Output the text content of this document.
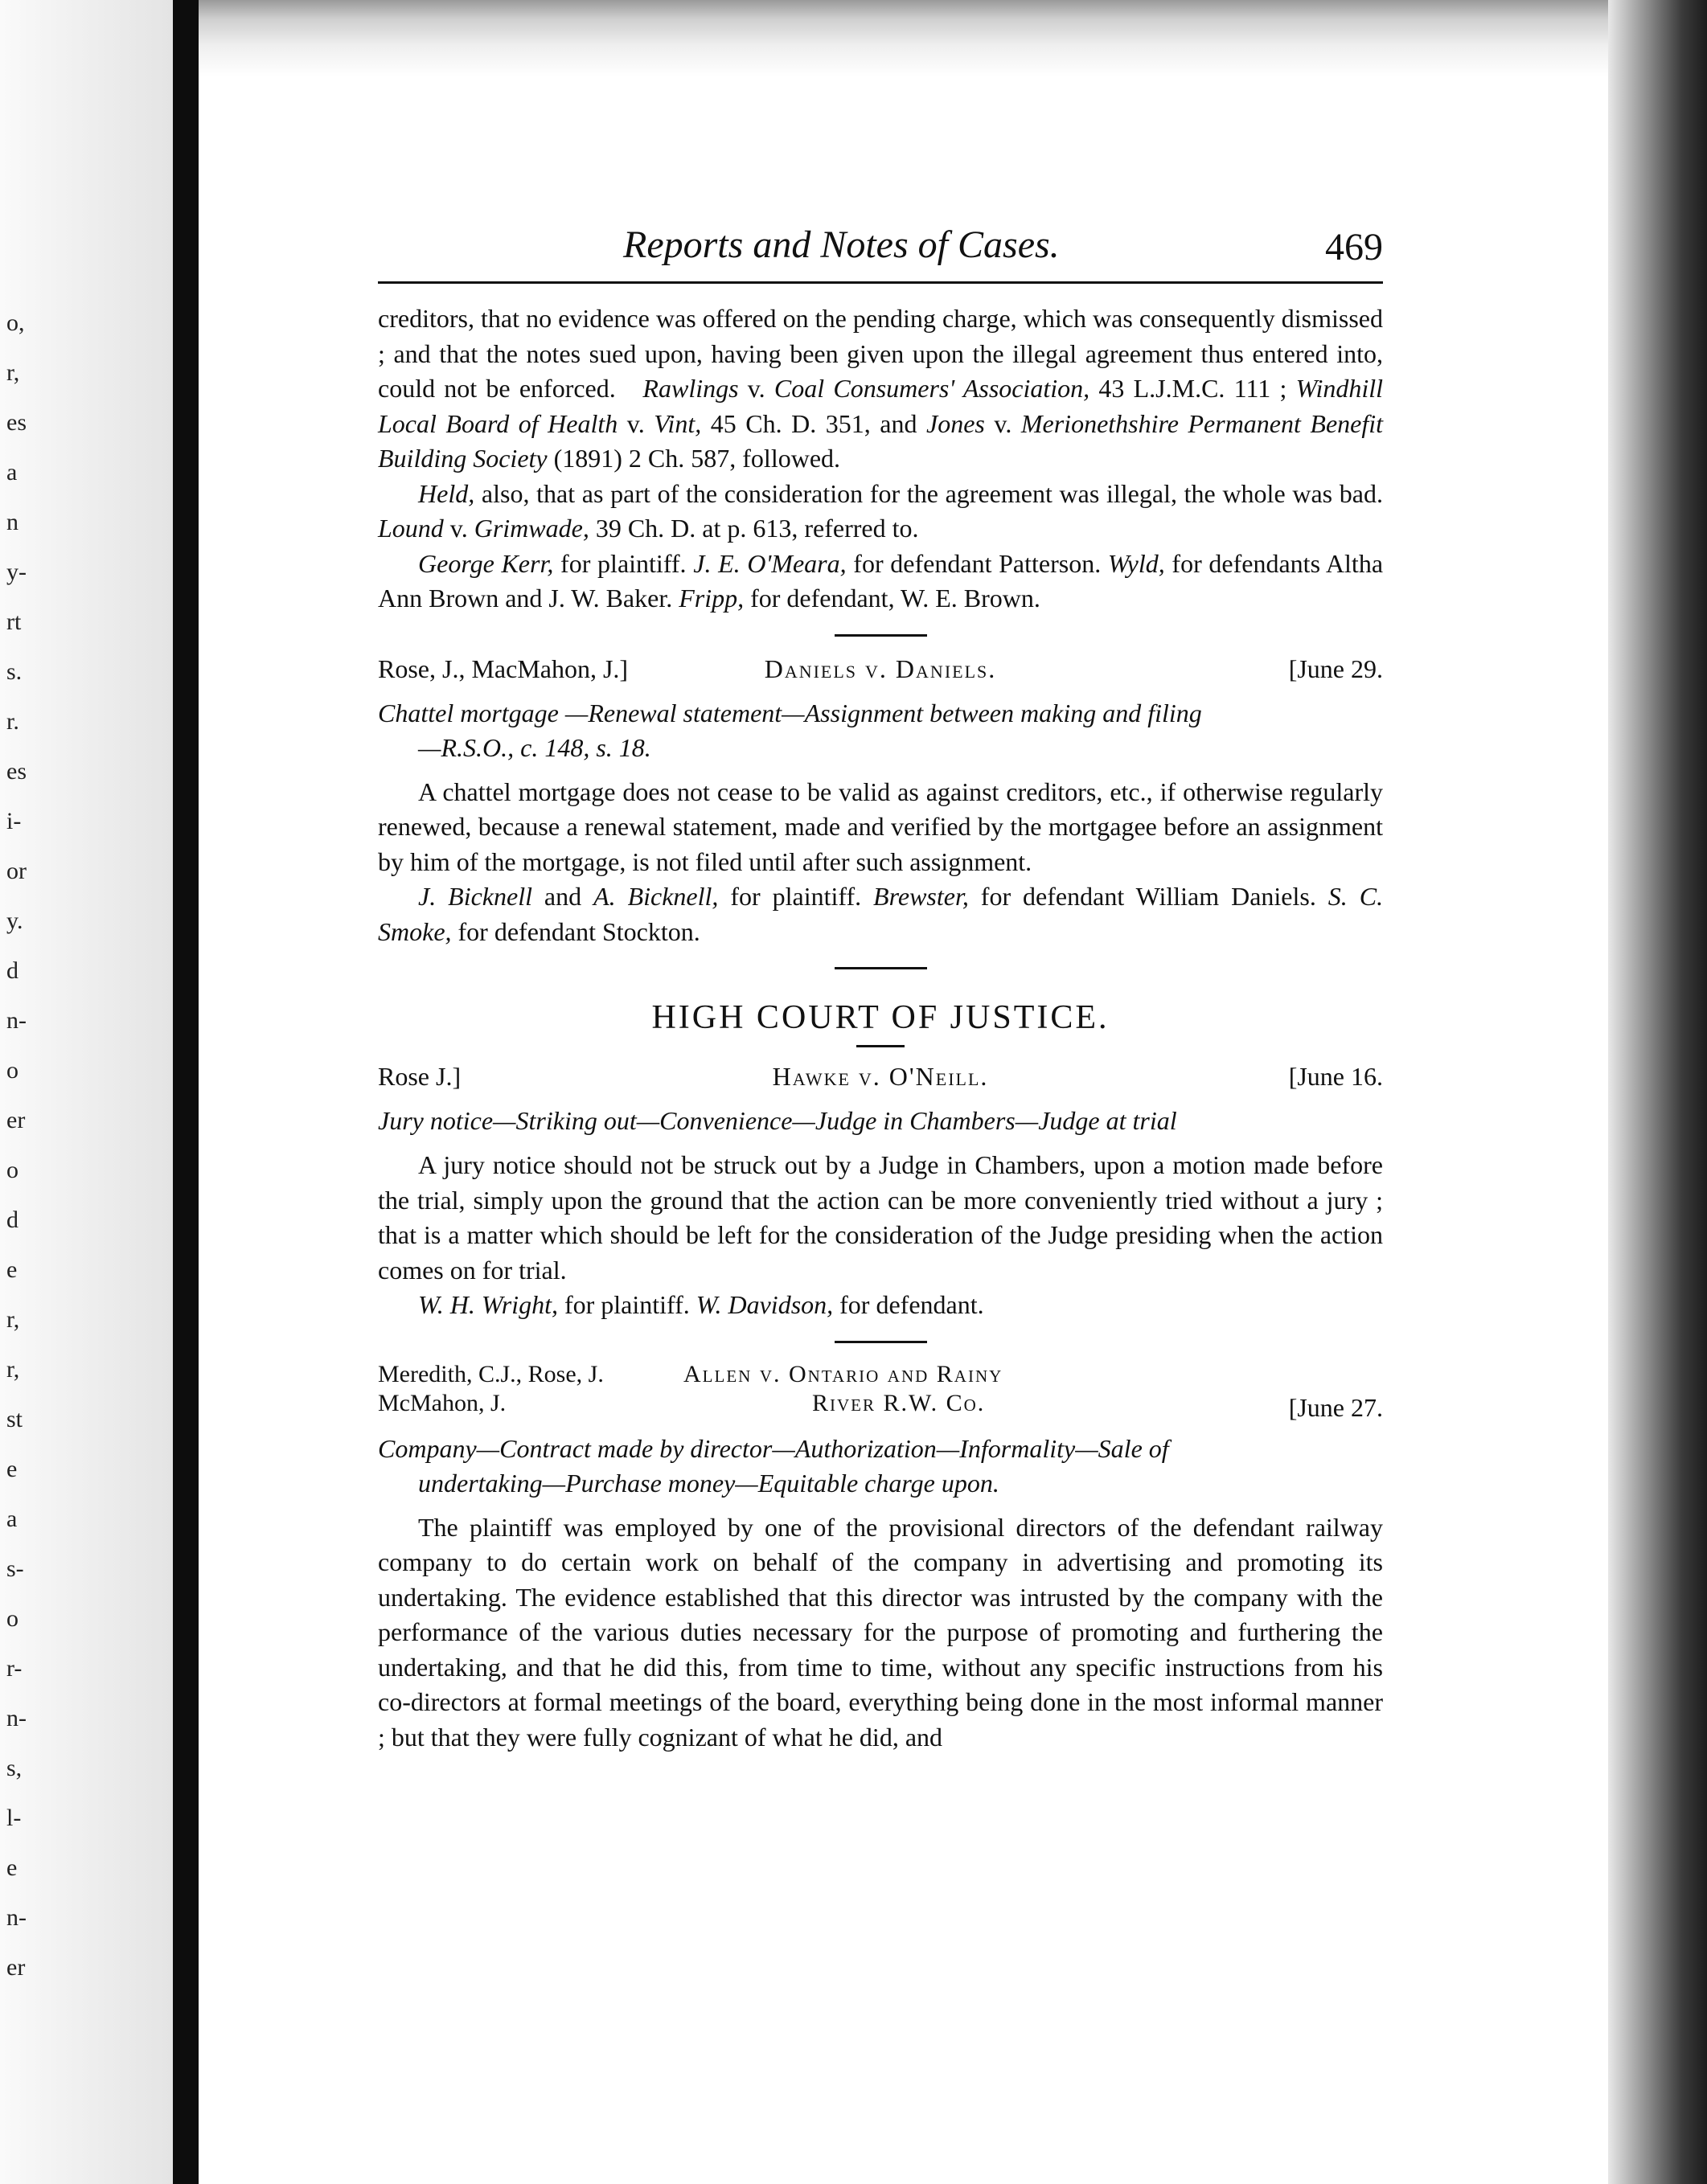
o,
r,
es
a
n
y-
rt
s.
r.
es
i-
or
y.
d
n-
o
er
o
d
e
r,
r,
st
e
a
s-
o
r-
n-
s,
l-
e
n-
er
Reports and Notes of Cases.	469

creditors, that no evidence was offered on the pending charge, which was consequently dismissed ; and that the notes sued upon, having been given upon the illegal agreement thus entered into, could not be enforced. Rawlings v. Coal Consumers' Association, 43 L.J.M.C. 111 ; Windhill Local Board of Health v. Vint, 45 Ch. D. 351, and Jones v. Merionethshire Permanent Benefit Building Society (1891) 2 Ch. 587, followed.

Held, also, that as part of the consideration for the agreement was illegal, the whole was bad. Lound v. Grimwade, 39 Ch. D. at p. 613, referred to.

George Kerr, for plaintiff. J. E. O'Meara, for defendant Patterson. Wyld, for defendants Altha Ann Brown and J. W. Baker. Fripp, for defendant, W. E. Brown.

Rose, J., MacMahon, J.]	Daniels v. Daniels.	[June 29.
Chattel mortgage —Renewal statement—Assignment between making and filing
—R.S.O., c. 148, s. 18.

A chattel mortgage does not cease to be valid as against creditors, etc., if otherwise regularly renewed, because a renewal statement, made and verified by the mortgagee before an assignment by him of the mortgage, is not filed until after such assignment.

J. Bicknell and A. Bicknell, for plaintiff. Brewster, for defendant William Daniels. S. C. Smoke, for defendant Stockton.

HIGH COURT OF JUSTICE.
Rose J.]	Hawke v. O'Neill.	[June 16.
Jury notice—Striking out—Convenience—Judge in Chambers—Judge at trial

A jury notice should not be struck out by a Judge in Chambers, upon a motion made before the trial, simply upon the ground that the action can be more conveniently tried without a jury ; that is a matter which should be left for the consideration of the Judge presiding when the action comes on for trial.

W. H. Wright, for plaintiff. W. Davidson, for defendant.

Meredith, C.J., Rose, J.
McMahon, J.
Allen v. Ontario and Rainy
River R.W. Co.	[June 27.
Company—Contract made by director—Authorization—Informality—Sale of
undertaking—Purchase money—Equitable charge upon.

The plaintiff was employed by one of the provisional directors of the defendant railway company to do certain work on behalf of the company in advertising and promoting its undertaking. The evidence established that this director was intrusted by the company with the performance of the various duties necessary for the purpose of promoting and furthering the undertaking, and that he did this, from time to time, without any specific instructions from his co-directors at formal meetings of the board, everything being done in the most informal manner ; but that they were fully cognizant of what he did, and
